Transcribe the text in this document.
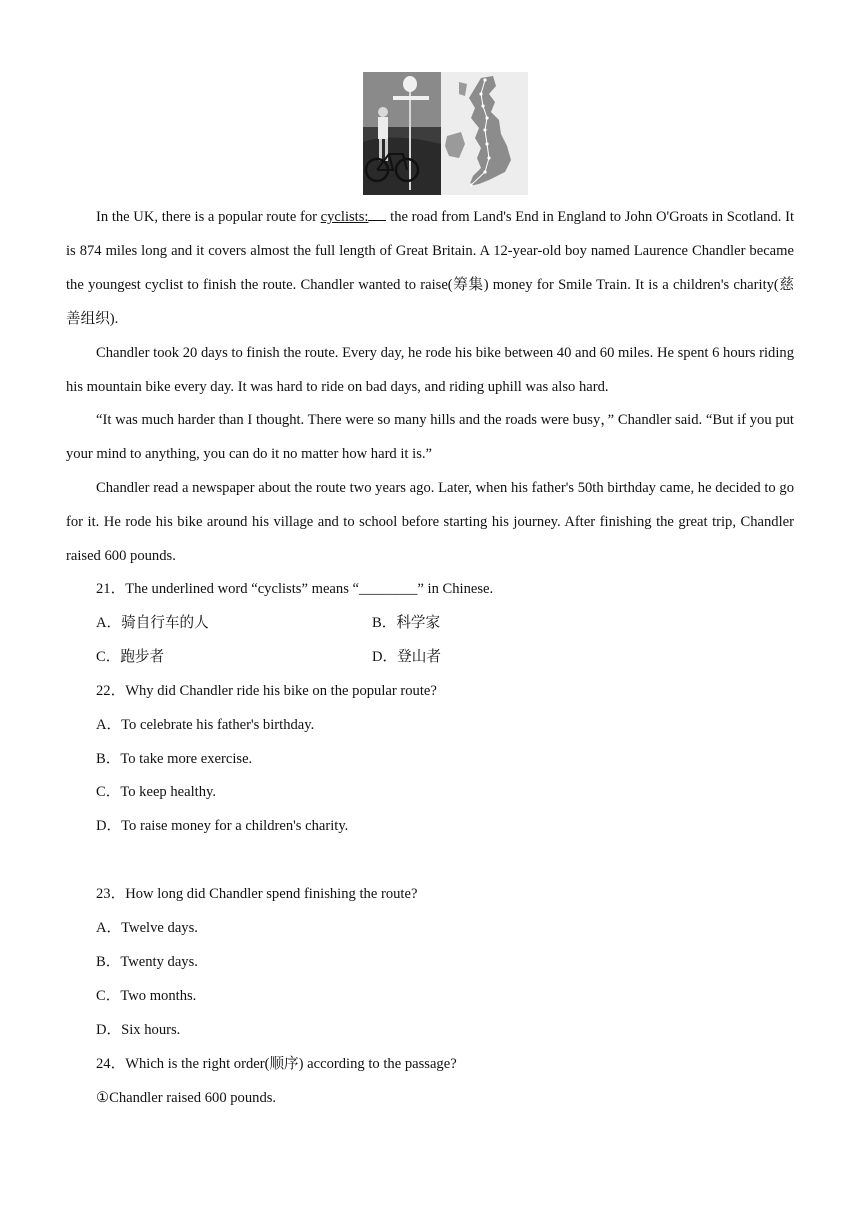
In the UK, there is a popular route for cyclists: the road from Land's End in England to John O'Groats in Scotland. It is 874 miles long and it covers almost the full length of Great Britain. A 12-year-old boy named Laurence Chandler became the youngest cyclist to finish the route. Chandler wanted to raise(筹集) money for Smile Train. It is a children's charity(慈善组织).

Chandler took 20 days to finish the route. Every day, he rode his bike between 40 and 60 miles. He spent 6 hours riding his mountain bike every day. It was hard to ride on bad days, and riding uphill was also hard.

“It was much harder than I thought. There were so many hills and the roads were busy，” Chandler said. “But if you put your mind to anything, you can do it no matter how hard it is.”

Chandler read a newspaper about the route two years ago. Later, when his father's 50th birthday came, he decided to go for it. He rode his bike around his village and to school before starting his journey. After finishing the great trip, Chandler raised 600 pounds.

21．The underlined word “cyclists” means “________” in Chinese.

A．骑自行车的人	B．科学家
C．跑步者	D．登山者

22．Why did Chandler ride his bike on the popular route?

A．To celebrate his father's birthday.

B．To take more exercise.

C．To keep healthy.

D．To raise money for a children's charity.

23．How long did Chandler spend finishing the route?

A．Twelve days.

B．Twenty days.

C．Two months.

D．Six hours.

24．Which is the right order(顺序) according to the passage?

①Chandler raised 600 pounds.
